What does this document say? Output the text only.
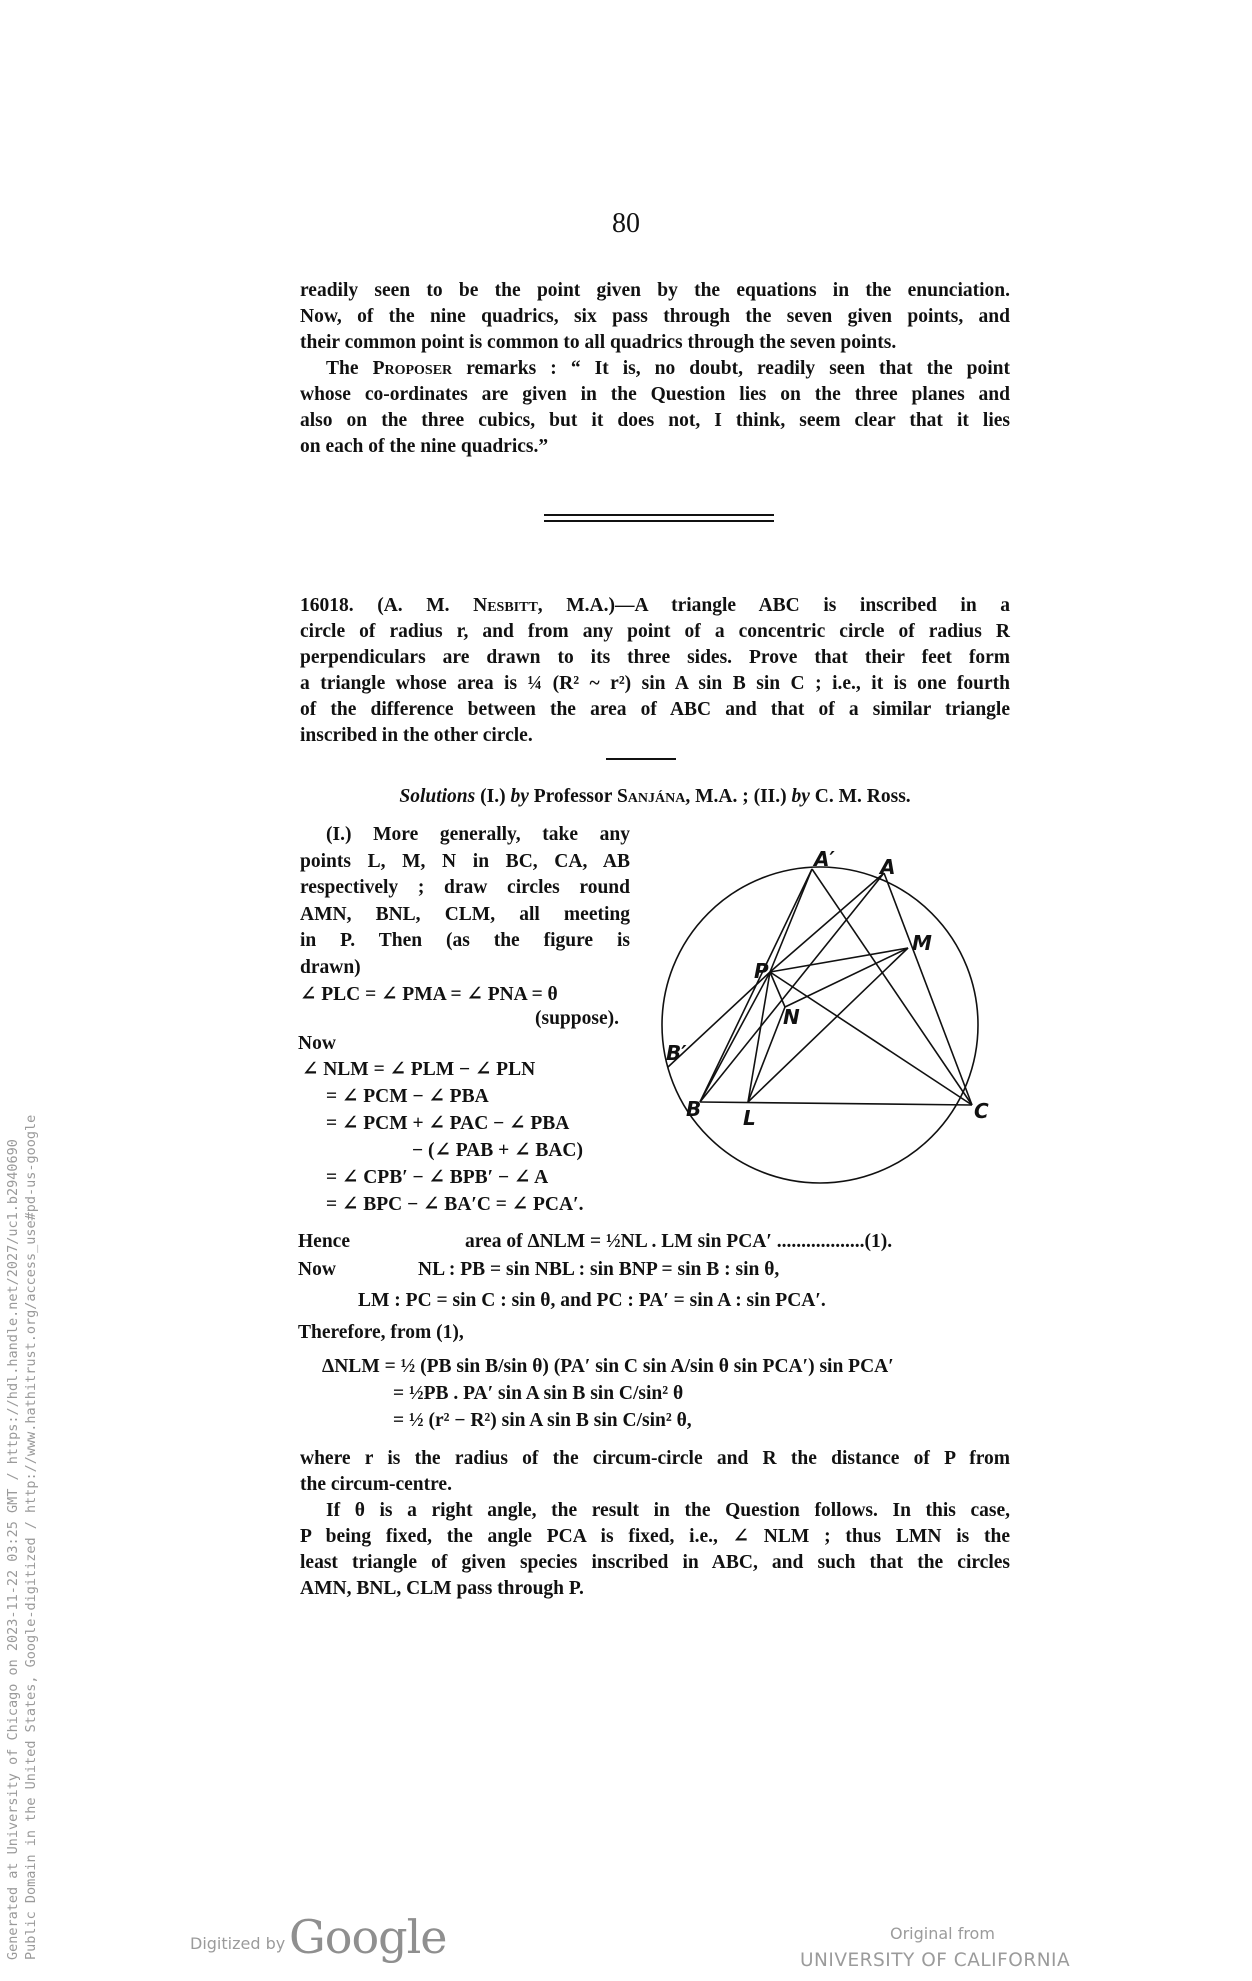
80
readily seen to be the point given by the equations in the enunciation.
Now, of the nine quadrics, six pass through the seven given points, and
their common point is common to all quadrics through the seven points.
The Proposer remarks : “ It is, no doubt, readily seen that the point
whose co-ordinates are given in the Question lies on the three planes and
also on the three cubics, but it does not, I think, seem clear that it lies
on each of the nine quadrics.”
16018. (A. M. Nesbitt, M.A.)—A triangle ABC is inscribed in a
circle of radius r, and from any point of a concentric circle of radius R
perpendiculars are drawn to its three sides. Prove that their feet form
a triangle whose area is ¼ (R² ~ r²) sin A sin B sin C ; i.e., it is one fourth
of the difference between the area of ABC and that of a similar triangle
inscribed in the other circle.
Solutions (I.) by Professor Sanjána, M.A. ; (II.) by C. M. Ross.
(I.) More generally, take any
points L, M, N in BC, CA, AB
respectively ; draw circles round
AMN, BNL, CLM, all meeting
in P. Then (as the figure is
drawn)
∠ PLC = ∠ PMA = ∠ PNA = θ
(suppose).
Now
∠ NLM = ∠ PLM − ∠ PLN
= ∠ PCM − ∠ PBA
= ∠ PCM + ∠ PAC − ∠ PBA
− (∠ PAB + ∠ BAC)
= ∠ CPB′ − ∠ BPB′ − ∠ A
= ∠ BPC − ∠ BA′C = ∠ PCA′.
A′ A
M
P
N
B′
B L	C
Hence	area of ΔNLM = ½NL . LM sin PCA′ ..................(1).
Now	NL : PB = sin NBL : sin BNP = sin B : sin θ,
LM : PC = sin C : sin θ, and PC : PA′ = sin A : sin PCA′.
Therefore, from (1),
ΔNLM = ½ (PB sin B/sin θ) (PA′ sin C sin A/sin θ sin PCA′) sin PCA′
= ½PB . PA′ sin A sin B sin C/sin² θ
= ½ (r² − R²) sin A sin B sin C/sin² θ,
where r is the radius of the circum-circle and R the distance of P from
the circum-centre.
If θ is a right angle, the result in the Question follows. In this case,
P being fixed, the angle PCA is fixed, i.e., ∠ NLM ; thus LMN is the
least triangle of given species inscribed in ABC, and such that the circles
AMN, BNL, CLM pass through P.
Generated at University of Chicago on 2023-11-22 03:25 GMT / https://hdl.handle.net/2027/uc1.b2940690 Public Domain in the United States, Google-digitized / http://www.hathitrust.org/access_use#pd-us-google	Digitized by Google	Original from
UNIVERSITY OF CALIFORNIA
